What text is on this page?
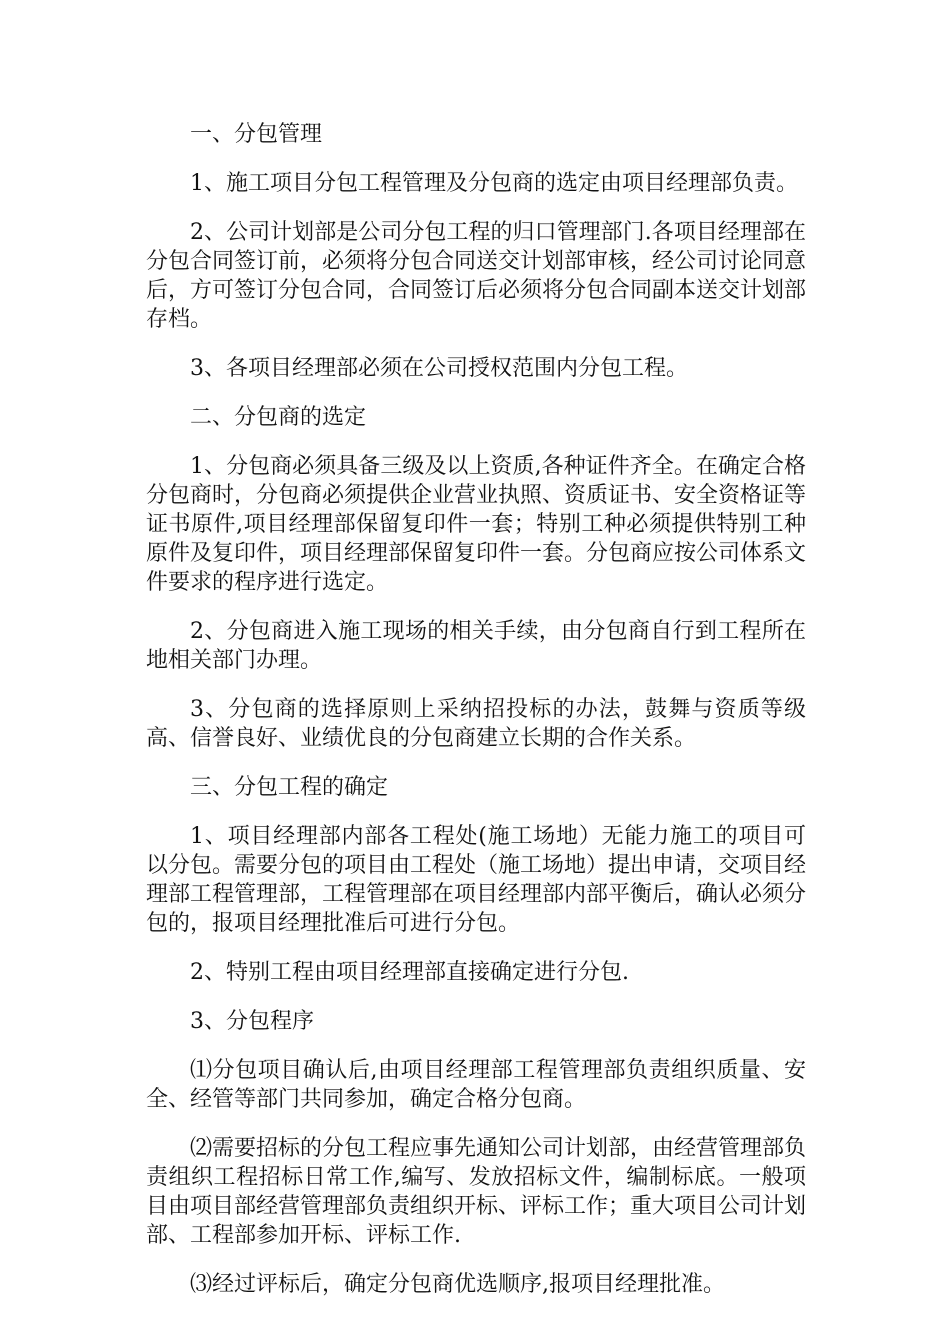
一、分包管理

1、施工项目分包工程管理及分包商的选定由项目经理部负责。

2、公司计划部是公司分包工程的归口管理部门.各项目经理部在分包合同签订前，必须将分包合同送交计划部审核，经公司讨论同意后，方可签订分包合同，合同签订后必须将分包合同副本送交计划部存档。

3、各项目经理部必须在公司授权范围内分包工程。

二、分包商的选定

1、分包商必须具备三级及以上资质,各种证件齐全。在确定合格分包商时，分包商必须提供企业营业执照、资质证书、安全资格证等证书原件,项目经理部保留复印件一套；特别工种必须提供特别工种原件及复印件，项目经理部保留复印件一套。分包商应按公司体系文件要求的程序进行选定。

2、分包商进入施工现场的相关手续，由分包商自行到工程所在地相关部门办理。

3、分包商的选择原则上采纳招投标的办法，鼓舞与资质等级高、信誉良好、业绩优良的分包商建立长期的合作关系。

三、分包工程的确定

1、项目经理部内部各工程处(施工场地）无能力施工的项目可以分包。需要分包的项目由工程处（施工场地）提出申请，交项目经理部工程管理部，工程管理部在项目经理部内部平衡后，确认必须分包的，报项目经理批准后可进行分包。

2、特别工程由项目经理部直接确定进行分包.

3、分包程序

⑴分包项目确认后,由项目经理部工程管理部负责组织质量、安全、经管等部门共同参加，确定合格分包商。

⑵需要招标的分包工程应事先通知公司计划部，由经营管理部负责组织工程招标日常工作,编写、发放招标文件，编制标底。一般项目由项目部经营管理部负责组织开标、评标工作；重大项目公司计划部、工程部参加开标、评标工作.

⑶经过评标后，确定分包商优选顺序,报项目经理批准。
